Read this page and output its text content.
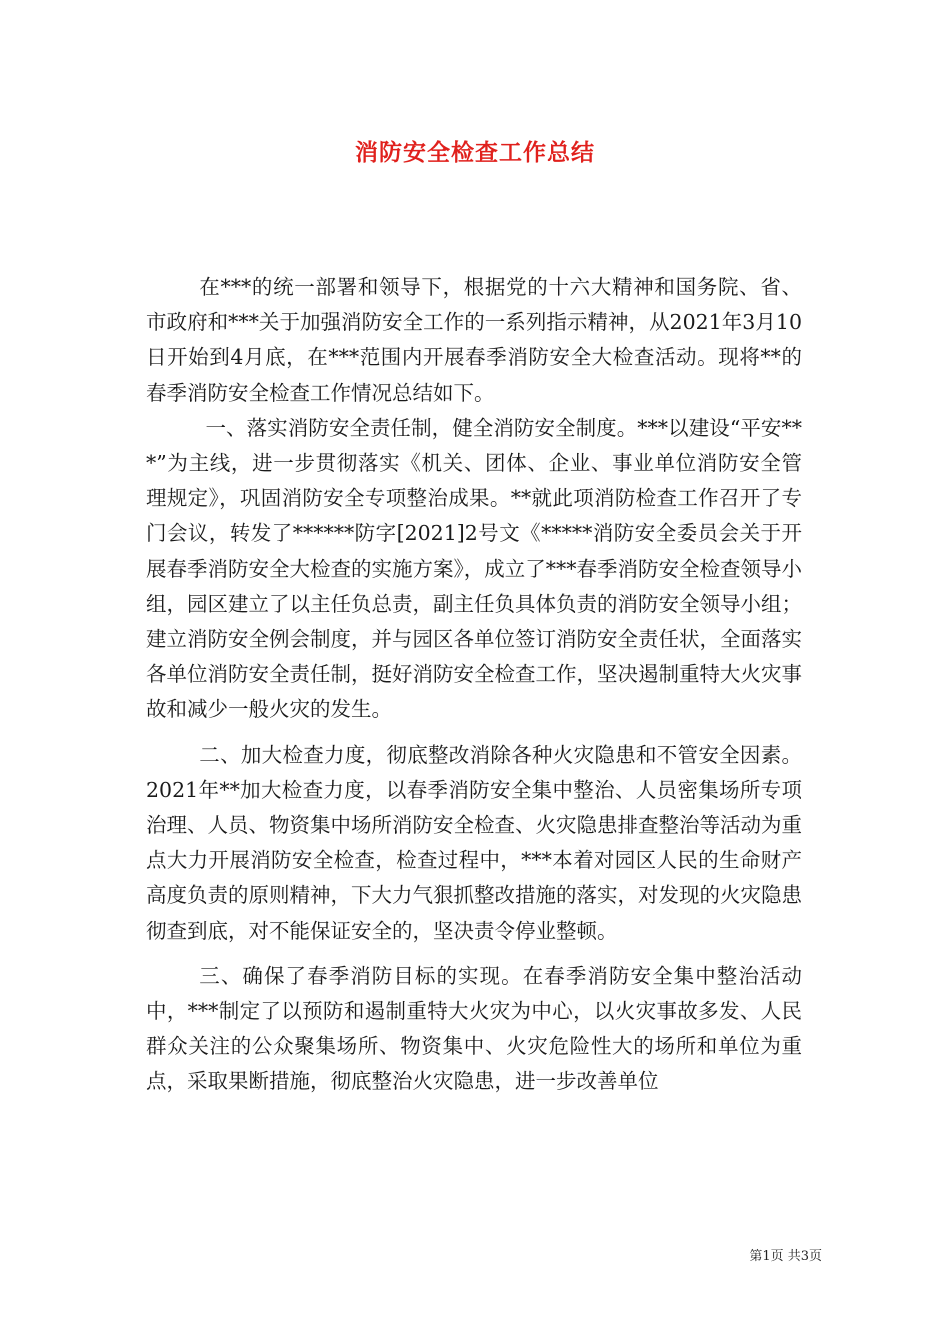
消防安全检查工作总结

在***的统一部署和领导下，根据党的十六大精神和国务院、省、市政府和***关于加强消防安全工作的一系列指示精神，从2021年3月10日开始到4月底，在***范围内开展春季消防安全大检查活动。现将**的春季消防安全检查工作情况总结如下。

一、落实消防安全责任制，健全消防安全制度。***以建设“平安***”为主线，进一步贯彻落实《机关、团体、企业、事业单位消防安全管理规定》，巩固消防安全专项整治成果。**就此项消防检查工作召开了专门会议，转发了******防字[2021]2号文《*****消防安全委员会关于开展春季消防安全大检查的实施方案》，成立了***春季消防安全检查领导小组，园区建立了以主任负总责，副主任负具体负责的消防安全领导小组；建立消防安全例会制度，并与园区各单位签订消防安全责任状，全面落实各单位消防安全责任制，挺好消防安全检查工作，坚决遏制重特大火灾事故和减少一般火灾的发生。

二、加大检查力度，彻底整改消除各种火灾隐患和不管安全因素。2021年**加大检查力度，以春季消防安全集中整治、人员密集场所专项治理、人员、物资集中场所消防安全检查、火灾隐患排查整治等活动为重点大力开展消防安全检查，检查过程中，***本着对园区人民的生命财产高度负责的原则精神，下大力气狠抓整改措施的落实，对发现的火灾隐患彻查到底，对不能保证安全的，坚决责令停业整顿。

三、确保了春季消防目标的实现。在春季消防安全集中整治活动中，***制定了以预防和遏制重特大火灾为中心，以火灾事故多发、人民群众关注的公众聚集场所、物资集中、火灾危险性大的场所和单位为重点，采取果断措施，彻底整治火灾隐患，进一步改善单位

第1页 共3页
